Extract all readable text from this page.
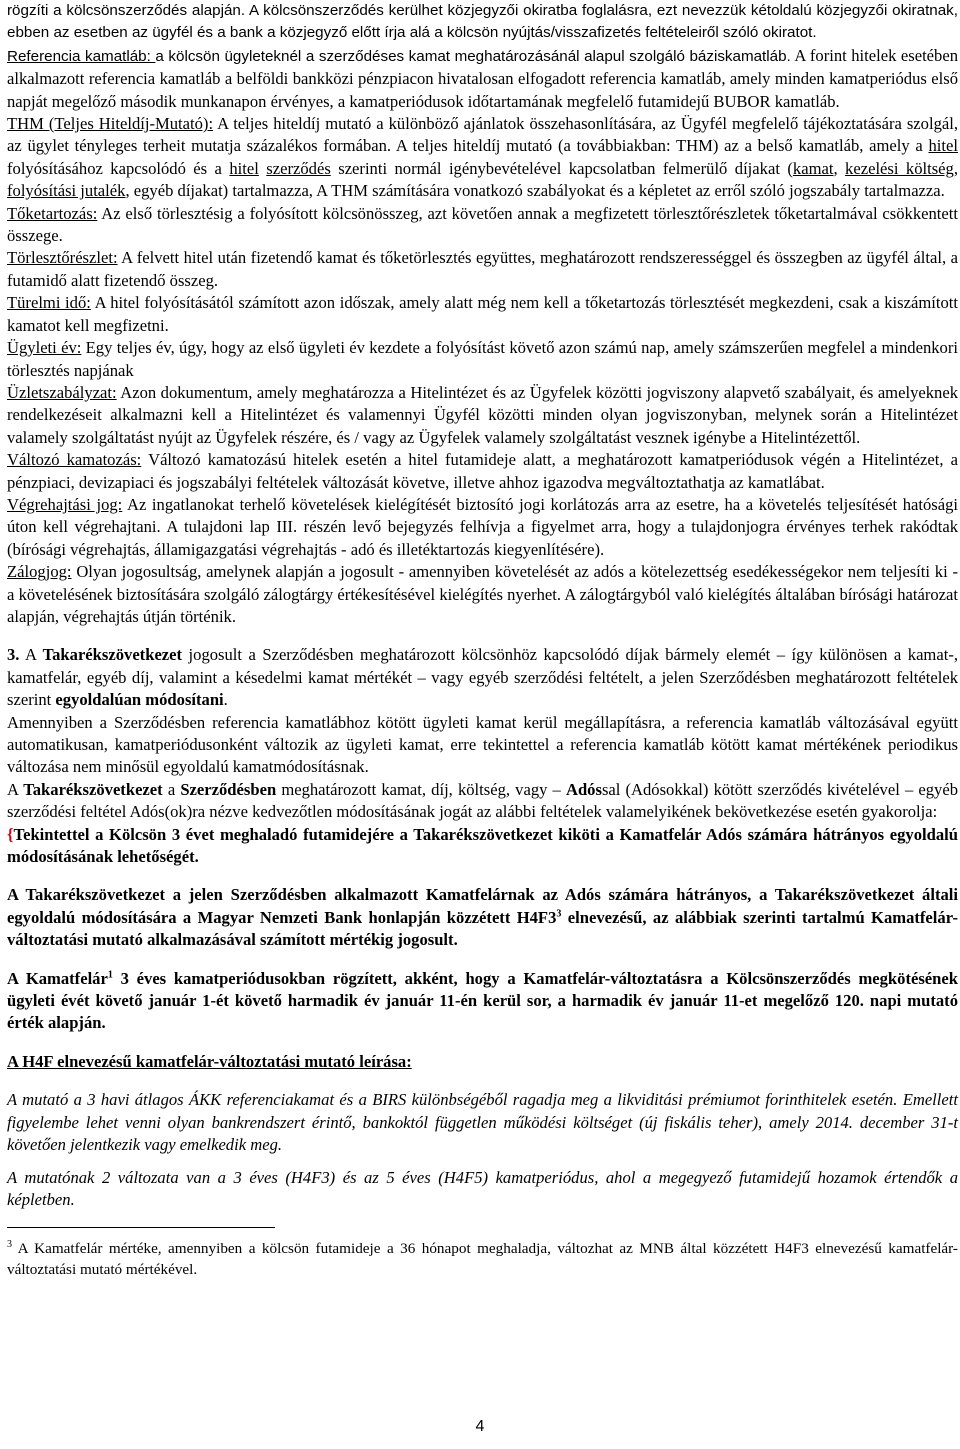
rögzíti a kölcsönszerződés alapján. A kölcsönszerződés kerülhet közjegyzői okiratba foglalásra, ezt nevezzük kétoldalú közjegyzői okiratnak, ebben az esetben az ügyfél és a bank a közjegyző előtt írja alá a kölcsön nyújtás/visszafizetés feltételeiről szóló okiratot.

Referencia kamatláb: a kölcsön ügyleteknél a szerződéses kamat meghatározásánál alapul szolgáló báziskamatláb. A forint hitelek esetében alkalmazott referencia kamatláb a belföldi bankközi pénzpiacon hivatalosan elfogadott referencia kamatláb, amely minden kamatperiódus első napját megelőző második munkanapon érvényes, a kamatperiódusok időtartamának megfelelő futamidejű BUBOR kamatláb.

THM (Teljes Hiteldíj-Mutató): A teljes hiteldíj mutató a különböző ajánlatok összehasonlítására, az Ügyfél megfelelő tájékoztatására szolgál, az ügylet tényleges terheit mutatja százalékos formában. A teljes hiteldíj mutató (a továbbiakban: THM) az a belső kamatláb, amely a hitel folyósításához kapcsolódó és a hitel szerződés szerinti normál igénybevételével kapcsolatban felmerülő díjakat (kamat, kezelési költség, folyósítási jutalék, egyéb díjakat) tartalmazza, A THM számítására vonatkozó szabályokat és a képletet az erről szóló jogszabály tartalmazza.

Tőketartozás: Az első törlesztésig a folyósított kölcsönösszeg, azt követően annak a megfizetett törlesztőrészletek tőketartalmával csökkentett összege.

Törlesztőrészlet: A felvett hitel után fizetendő kamat és tőketörlesztés együttes, meghatározott rendszerességgel és összegben az ügyfél által, a futamidő alatt fizetendő összeg.

Türelmi idő: A hitel folyósításától számított azon időszak, amely alatt még nem kell a tőketartozás törlesztését megkezdeni, csak a kiszámított kamatot kell megfizetni.

Ügyleti év: Egy teljes év, úgy, hogy az első ügyleti év kezdete a folyósítást követő azon számú nap, amely számszerűen megfelel a mindenkori törlesztés napjának

Üzletszabályzat: Azon dokumentum, amely meghatározza a Hitelintézet és az Ügyfelek közötti jogviszony alapvető szabályait, és amelyeknek rendelkezéseit alkalmazni kell a Hitelintézet és valamennyi Ügyfél közötti minden olyan jogviszonyban, melynek során a Hitelintézet valamely szolgáltatást nyújt az Ügyfelek részére, és / vagy az Ügyfelek valamely szolgáltatást vesznek igénybe a Hitelintézettől.

Változó kamatozás: Változó kamatozású hitelek esetén a hitel futamideje alatt, a meghatározott kamatperiódusok végén a Hitelintézet, a pénzpiaci, devizapiaci és jogszabályi feltételek változását követve, illetve ahhoz igazodva megváltoztathatja az kamatlábat.

Végrehajtási jog: Az ingatlanokat terhelő követelések kielégítését biztosító jogi korlátozás arra az esetre, ha a követelés teljesítését hatósági úton kell végrehajtani. A tulajdoni lap III. részén levő bejegyzés felhívja a figyelmet arra, hogy a tulajdonjogra érvényes terhek rakódtak (bírósági végrehajtás, államigazgatási végrehajtás - adó és illetéktartozás kiegyenlítésére).

Zálogjog: Olyan jogosultság, amelynek alapján a jogosult - amennyiben követelését az adós a kötelezettség esedékességekor nem teljesíti ki - a követelésének biztosítására szolgáló zálogtárgy értékesítésével kielégítés nyerhet. A zálogtárgyból való kielégítés általában bírósági határozat alapján, végrehajtás útján történik.

3. A Takarékszövetkezet jogosult a Szerződésben meghatározott kölcsönhöz kapcsolódó díjak bármely elemét – így különösen a kamat-, kamatfelár, egyéb díj, valamint a késedelmi kamat mértékét – vagy egyéb szerződési feltételt, a jelen Szerződésben meghatározott feltételek szerint egyoldalúan módosítani.

Amennyiben a Szerződésben referencia kamatlábhoz kötött ügyleti kamat kerül megállapításra, a referencia kamatláb változásával együtt automatikusan, kamatperiódusonként változik az ügyleti kamat, erre tekintettel a referencia kamatláb kötött kamat mértékének periodikus változása nem minősül egyoldalú kamatmódosításnak.

A Takarékszövetkezet a Szerződésben meghatározott kamat, díj, költség, vagy – Adóssal (Adósokkal) kötött szerződés kivételével – egyéb szerződési feltétel Adós(ok)ra nézve kedvezőtlen módosításának jogát az alábbi feltételek valamelyikének bekövetkezése esetén gyakorolja:

{Tekintettel a Kölcsön 3 évet meghaladó futamidejére a Takarékszövetkezet kiköti a Kamatfelár Adós számára hátrányos egyoldalú módosításának lehetőségét.

A Takarékszövetkezet a jelen Szerződésben alkalmazott Kamatfelárnak az Adós számára hátrányos, a Takarékszövetkezet általi egyoldalú módosítására a Magyar Nemzeti Bank honlapján közzétett $H4F3^3$ elnevezésű, az alábbiak szerinti tartalmú Kamatfelár-változtatási mutató alkalmazásával számított mértékig jogosult.

A Kamatfelár$^1$ 3 éves kamatperiódusokban rögzített, akként, hogy a Kamatfelár-változtatásra a Kölcsönszerződés megkötésének ügyleti évét követő január 1-ét követő harmadik év január 11-én kerül sor, a harmadik év január 11-et megelőző 120. napi mutató érték alapján.

A H4F elnevezésű kamatfelár-változtatási mutató leírása:

A mutató a 3 havi átlagos ÁKK referenciakamat és a BIRS különbségéből ragadja meg a likviditási prémiumot forinthitelek esetén. Emellett figyelembe lehet venni olyan bankrendszert érintő, bankoktól független működési költséget (új fiskális teher), amely 2014. december 31-t követően jelentkezik vagy emelkedik meg.

A mutatónak 2 változata van a 3 éves (H4F3) és az 5 éves (H4F5) kamatperiódus, ahol a megegyező futamidejű hozamok értendők a képletben.

$^3$ A Kamatfelár mértéke, amennyiben a kölcsön futamideje a 36 hónapot meghaladja, változhat az MNB által közzétett H4F3 elnevezésű kamatfelár-változtatási mutató mértékével.

4
